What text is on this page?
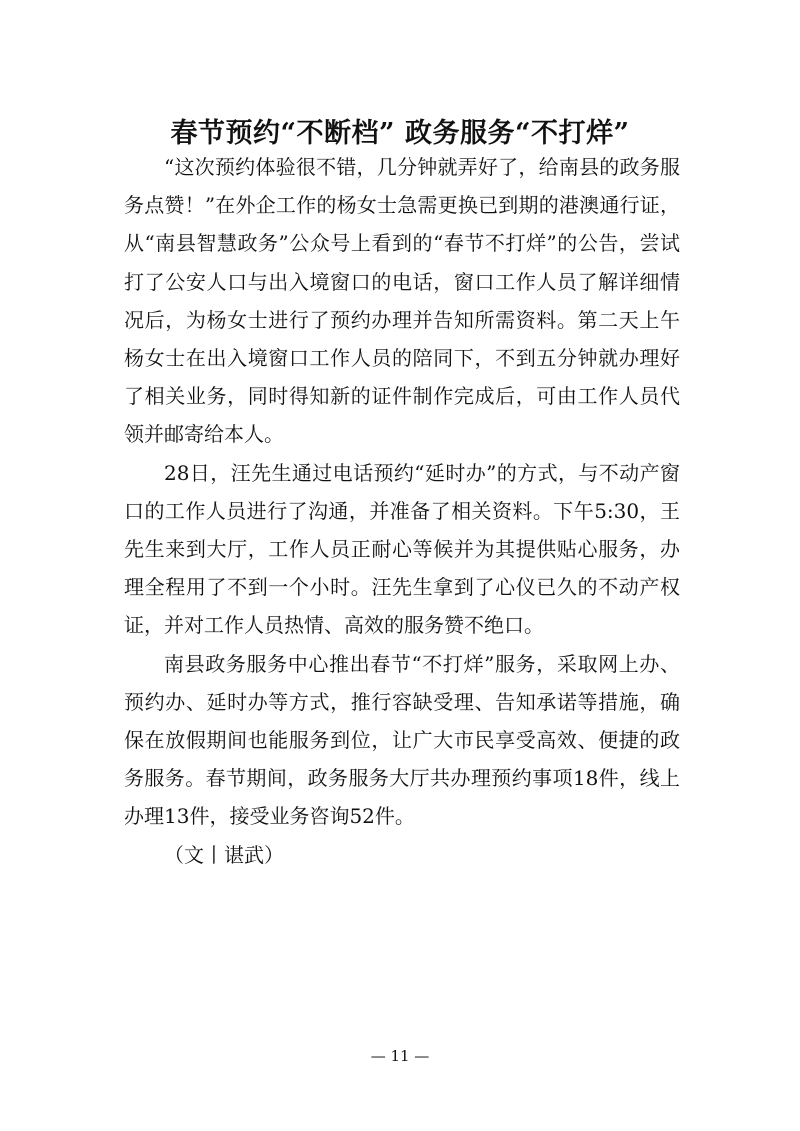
春节预约“不断档” 政务服务“不打烊”

“这次预约体验很不错，几分钟就弄好了，给南县的政务服务点赞！”在外企工作的杨女士急需更换已到期的港澳通行证，从“南县智慧政务”公众号上看到的“春节不打烊”的公告，尝试打了公安人口与出入境窗口的电话，窗口工作人员了解详细情况后，为杨女士进行了预约办理并告知所需资料。第二天上午杨女士在出入境窗口工作人员的陪同下，不到五分钟就办理好了相关业务，同时得知新的证件制作完成后，可由工作人员代领并邮寄给本人。

28日，汪先生通过电话预约“延时办”的方式，与不动产窗口的工作人员进行了沟通，并准备了相关资料。下午5:30，王先生来到大厅，工作人员正耐心等候并为其提供贴心服务，办理全程用了不到一个小时。汪先生拿到了心仪已久的不动产权证，并对工作人员热情、高效的服务赞不绝口。

南县政务服务中心推出春节“不打烊”服务，采取网上办、预约办、延时办等方式，推行容缺受理、告知承诺等措施，确保在放假期间也能服务到位，让广大市民享受高效、便捷的政务服务。春节期间，政务服务大厅共办理预约事项18件，线上办理13件，接受业务咨询52件。

（文丨谌武）

— 11 —
